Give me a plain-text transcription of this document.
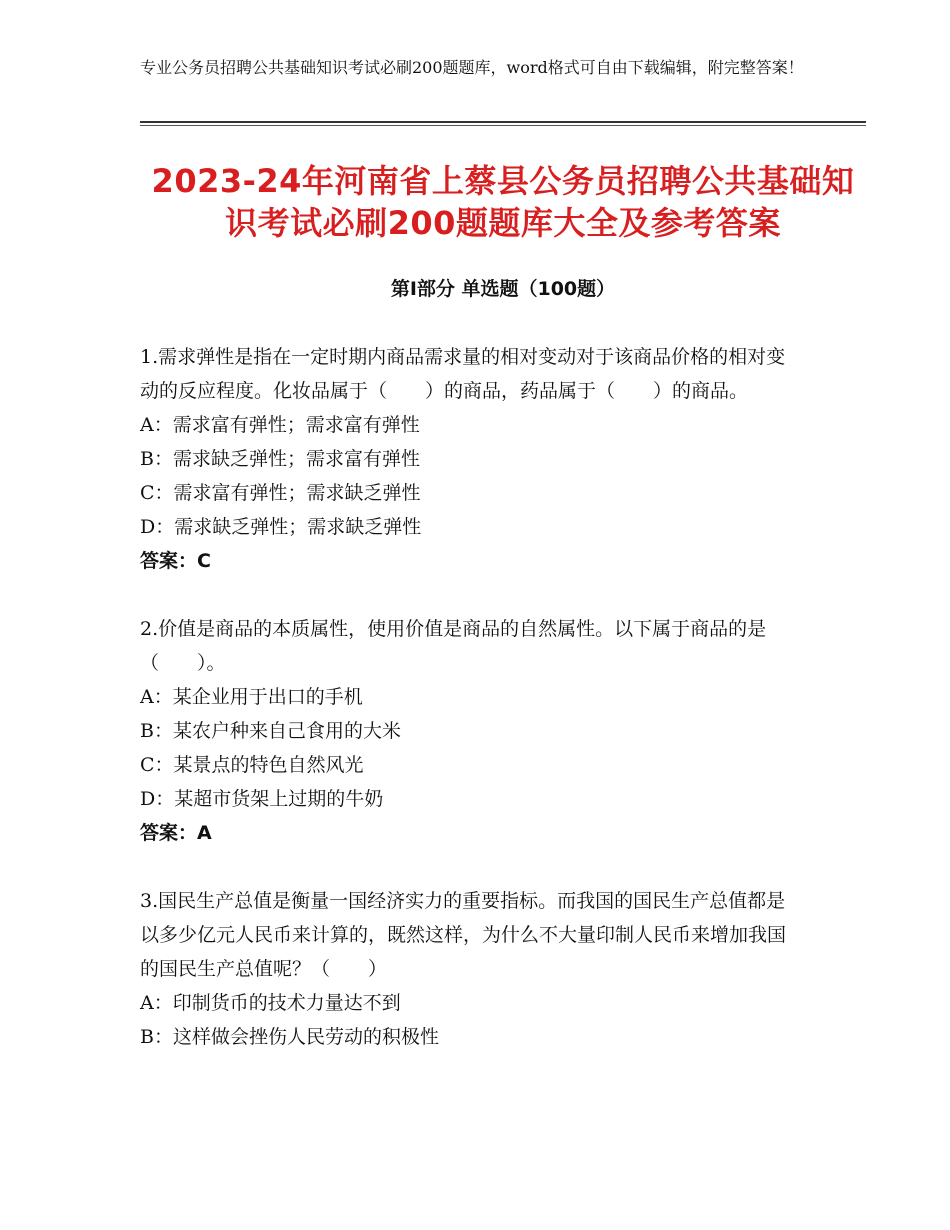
专业公务员招聘公共基础知识考试必刷200题题库，word格式可自由下载编辑，附完整答案！
2023-24年河南省上蔡县公务员招聘公共基础知识考试必刷200题题库大全及参考答案
第Ⅰ部分 单选题（100题）
1.需求弹性是指在一定时期内商品需求量的相对变动对于该商品价格的相对变动的反应程度。化妆品属于（　　）的商品，药品属于（　　）的商品。
A：需求富有弹性；需求富有弹性
B：需求缺乏弹性；需求富有弹性
C：需求富有弹性；需求缺乏弹性
D：需求缺乏弹性；需求缺乏弹性
答案：C
2.价值是商品的本质属性，使用价值是商品的自然属性。以下属于商品的是（　　）。
A：某企业用于出口的手机
B：某农户种来自己食用的大米
C：某景点的特色自然风光
D：某超市货架上过期的牛奶
答案：A
3.国民生产总值是衡量一国经济实力的重要指标。而我国的国民生产总值都是以多少亿元人民币来计算的，既然这样，为什么不大量印制人民币来增加我国的国民生产总值呢？（　　）
A：印制货币的技术力量达不到
B：这样做会挫伤人民劳动的积极性
